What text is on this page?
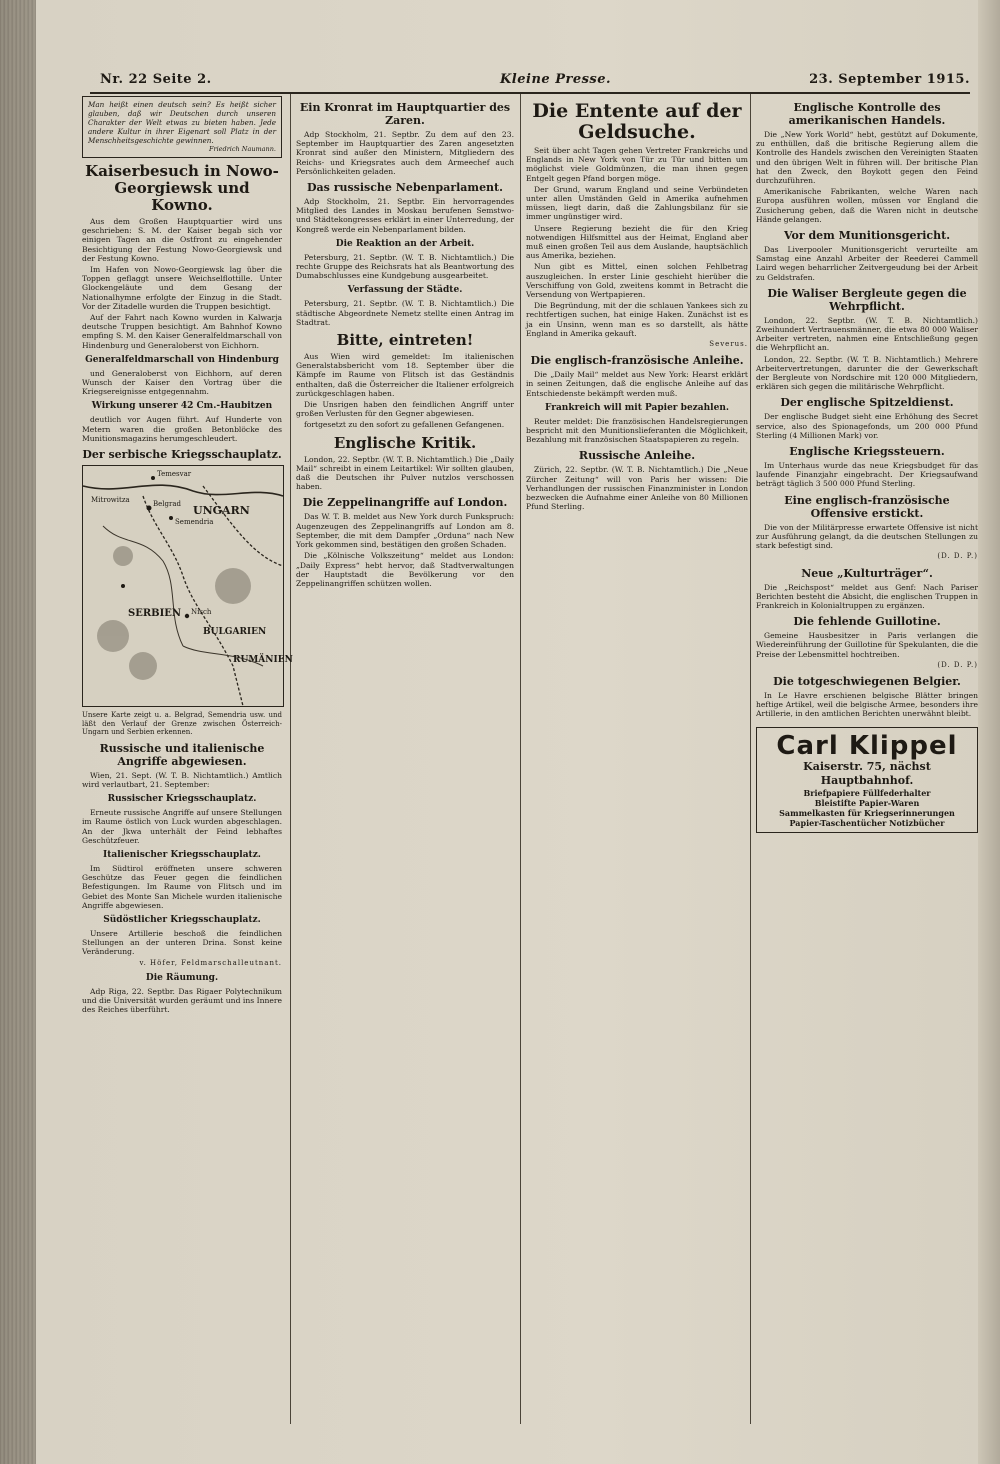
Nr. 22 Seite 2.	Kleine Presse.	23. September 1915.
Man heißt einen deutsch sein? Es heißt sicher glauben, daß wir Deutschen durch unseren Charakter der Welt etwas zu bieten haben. Jede andere Kultur in ihrer Eigenart soll Platz in der Menschheitsgeschichte gewinnen.
Friedrich Naumann.
Kaiserbesuch in Nowo-Georgiewsk und Kowno.

Aus dem Großen Hauptquartier wird uns geschrieben: S. M. der Kaiser begab sich vor einigen Tagen an die Ostfront zu eingehender Besichtigung der Festung Nowo-Georgiewsk und der Festung Kowno.

Im Hafen von Nowo-Georgiewsk lag über die Toppen geflaggt unsere Weichselflottille. Unter Glockengeläute und dem Gesang der Nationalhymne erfolgte der Einzug in die Stadt. Vor der Zitadelle wurden die Truppen besichtigt.

Auf der Fahrt nach Kowno wurden in Kalwarja deutsche Truppen besichtigt. Am Bahnhof Kowno empfing S. M. den Kaiser Generalfeldmarschall von Hindenburg und Generaloberst von Eichhorn.

Generalfeldmarschall von Hindenburg

und Generaloberst von Eichhorn, auf deren Wunsch der Kaiser den Vortrag über die Kriegsereignisse entgegennahm.

Wirkung unserer 42 Cm.-Haubitzen

deutlich vor Augen führt. Auf Hunderte von Metern waren die großen Betonblöcke des Munitionsmagazins herumgeschleudert.

Der serbische Kriegsschauplatz.
UNGARN
Belgrad
Semendria
RUMÄNIEN
BULGARIEN
SERBIEN Nisch
Mitrowitza
Temesvar
Unsere Karte zeigt u. a. Belgrad, Semendria usw. und läßt den Verlauf der Grenze zwischen Österreich-Ungarn und Serbien erkennen.
Russische und italienische Angriffe abgewiesen.

Wien, 21. Sept. (W. T. B. Nichtamtlich.) Amtlich wird verlautbart, 21. September:

Russischer Kriegsschauplatz.

Erneute russische Angriffe auf unsere Stellungen im Raume östlich von Luck wurden abgeschlagen. An der Jkwa unterhält der Feind lebhaftes Geschützfeuer.

Italienischer Kriegsschauplatz.

Im Südtirol eröffneten unsere schweren Geschütze das Feuer gegen die feindlichen Befestigungen. Im Raume von Flitsch und im Gebiet des Monte San Michele wurden italienische Angriffe abgewiesen.

Südöstlicher Kriegsschauplatz.

Unsere Artillerie beschoß die feindlichen Stellungen an der unteren Drina. Sonst keine Veränderung.

v. Höfer, Feldmarschalleutnant.
Die Räumung.

Adp Riga, 22. Septbr. Das Rigaer Polytechnikum und die Universität wurden geräumt und ins Innere des Reiches überführt.

Ein Kronrat im Hauptquartier des Zaren.

Adp Stockholm, 21. Septbr. Zu dem auf den 23. September im Hauptquartier des Zaren angesetzten Kronrat sind außer den Ministern, Mitgliedern des Reichs- und Kriegsrates auch dem Armeechef auch Persönlichkeiten geladen.

Das russische Nebenparlament.

Adp Stockholm, 21. Septbr. Ein hervorragendes Mitglied des Landes in Moskau berufenen Semstwo- und Städtekongresses erklärt in einer Unterredung, der Kongreß werde ein Nebenparlament bilden.

Die Reaktion an der Arbeit.

Petersburg, 21. Septbr. (W. T. B. Nichtamtlich.) Die rechte Gruppe des Reichsrats hat als Beantwortung des Dumabschlusses eine Kundgebung ausgearbeitet.

Verfassung der Städte.

Petersburg, 21. Septbr. (W. T. B. Nichtamtlich.) Die städtische Abgeordnete Nemetz stellte einen Antrag im Stadtrat.

Bitte, eintreten!

Aus Wien wird gemeldet: Im italienischen Generalstabsbericht vom 18. September über die Kämpfe im Raume von Flitsch ist das Geständnis enthalten, daß die Österreicher die Italiener erfolgreich zurückgeschlagen haben.

Die Unsrigen haben den feindlichen Angriff unter großen Verlusten für den Gegner abgewiesen.

fortgesetzt zu den sofort zu gefallenen Gefangenen.

Englische Kritik.

London, 22. Septbr. (W. T. B. Nichtamtlich.) Die „Daily Mail“ schreibt in einem Leitartikel: Wir sollten glauben, daß die Deutschen ihr Pulver nutzlos verschossen haben.

Die Zeppelinangriffe auf London.

Das W. T. B. meldet aus New York durch Funkspruch: Augenzeugen des Zeppelinangriffs auf London am 8. September, die mit dem Dampfer „Orduna“ nach New York gekommen sind, bestätigen den großen Schaden.

Die „Kölnische Volkszeitung“ meldet aus London: „Daily Express“ hebt hervor, daß Stadtverwaltungen der Hauptstadt die Bevölkerung vor den Zeppelinangriffen schützen wollen.

Die Entente auf der Geldsuche.

Seit über acht Tagen gehen Vertreter Frankreichs und Englands in New York von Tür zu Tür und bitten um möglichst viele Goldmünzen, die man ihnen gegen Entgelt gegen Pfand borgen möge.

Der Grund, warum England und seine Verbündeten unter allen Umständen Geld in Amerika aufnehmen müssen, liegt darin, daß die Zahlungsbilanz für sie immer ungünstiger wird.

Unsere Regierung bezieht die für den Krieg notwendigen Hilfsmittel aus der Heimat, England aber muß einen großen Teil aus dem Auslande, hauptsächlich aus Amerika, beziehen.

Nun gibt es Mittel, einen solchen Fehlbetrag auszugleichen. In erster Linie geschieht hierüber die Verschiffung von Gold, zweitens kommt in Betracht die Versendung von Wertpapieren.

Die Begründung, mit der die schlauen Yankees sich zu rechtfertigen suchen, hat einige Haken. Zunächst ist es ja ein Unsinn, wenn man es so darstellt, als hätte England in Amerika gekauft.

Severus.
Die englisch-französische Anleihe.

Die „Daily Mail“ meldet aus New York: Hearst erklärt in seinen Zeitungen, daß die englische Anleihe auf das Entschiedenste bekämpft werden muß.

Frankreich will mit Papier bezahlen.

Reuter meldet: Die französischen Handelsregierungen bespricht mit den Munitionslieferanten die Möglichkeit, Bezahlung mit französischen Staatspapieren zu regeln.

Russische Anleihe.

Zürich, 22. Septbr. (W. T. B. Nichtamtlich.) Die „Neue Zürcher Zeitung“ will von Paris her wissen: Die Verhandlungen der russischen Finanzminister in London bezwecken die Aufnahme einer Anleihe von 80 Millionen Pfund Sterling.

Englische Kontrolle des amerikanischen Handels.

Die „New York World“ hebt, gestützt auf Dokumente, zu enthüllen, daß die britische Regierung allem die Kontrolle des Handels zwischen den Vereinigten Staaten und den übrigen Welt in führen will. Der britische Plan hat den Zweck, den Boykott gegen den Feind durchzuführen.

Amerikanische Fabrikanten, welche Waren nach Europa ausführen wollen, müssen vor England die Zusicherung geben, daß die Waren nicht in deutsche Hände gelangen.

Vor dem Munitionsgericht.

Das Liverpooler Munitionsgericht verurteilte am Samstag eine Anzahl Arbeiter der Reederei Cammell Laird wegen beharrlicher Zeitvergeudung bei der Arbeit zu Geldstrafen.

Die Waliser Bergleute gegen die Wehrpflicht.

London, 22. Septbr. (W. T. B. Nichtamtlich.) Zweihundert Vertrauensmänner, die etwa 80 000 Waliser Arbeiter vertreten, nahmen eine Entschließung gegen die Wehrpflicht an.

London, 22. Septbr. (W. T. B. Nichtamtlich.) Mehrere Arbeitervertretungen, darunter die der Gewerkschaft der Bergleute von Nordschire mit 120 000 Mitgliedern, erklären sich gegen die militärische Wehrpflicht.

Der englische Spitzeldienst.

Der englische Budget sieht eine Erhöhung des Secret service, also des Spionagefonds, um 200 000 Pfund Sterling (4 Millionen Mark) vor.

Englische Kriegssteuern.

Im Unterhaus wurde das neue Kriegsbudget für das laufende Finanzjahr eingebracht. Der Kriegsaufwand beträgt täglich 3 500 000 Pfund Sterling.

Eine englisch-französische Offensive erstickt.

Die von der Militärpresse erwartete Offensive ist nicht zur Ausführung gelangt, da die deutschen Stellungen zu stark befestigt sind.

(D. D. P.)
Neue „Kulturträger“.

Die „Reichspost“ meldet aus Genf: Nach Pariser Berichten besteht die Absicht, die englischen Truppen in Frankreich in Kolonialtruppen zu ergänzen.

Die fehlende Guillotine.

Gemeine Hausbesitzer in Paris verlangen die Wiedereinführung der Guillotine für Spekulanten, die die Preise der Lebensmittel hochtreiben.

(D. D. P.)
Die totgeschwiegenen Belgier.

In Le Havre erschienen belgische Blätter bringen heftige Artikel, weil die belgische Armee, besonders ihre Artillerie, in den amtlichen Berichten unerwähnt bleibt.

Carl Klippel
Kaiserstr. 75, nächst Hauptbahnhof.
Briefpapiere Füllfederhalter
Bleistifte Papier-Waren
Sammelkasten für Kriegserinnerungen
Papier-Taschentücher Notizbücher
